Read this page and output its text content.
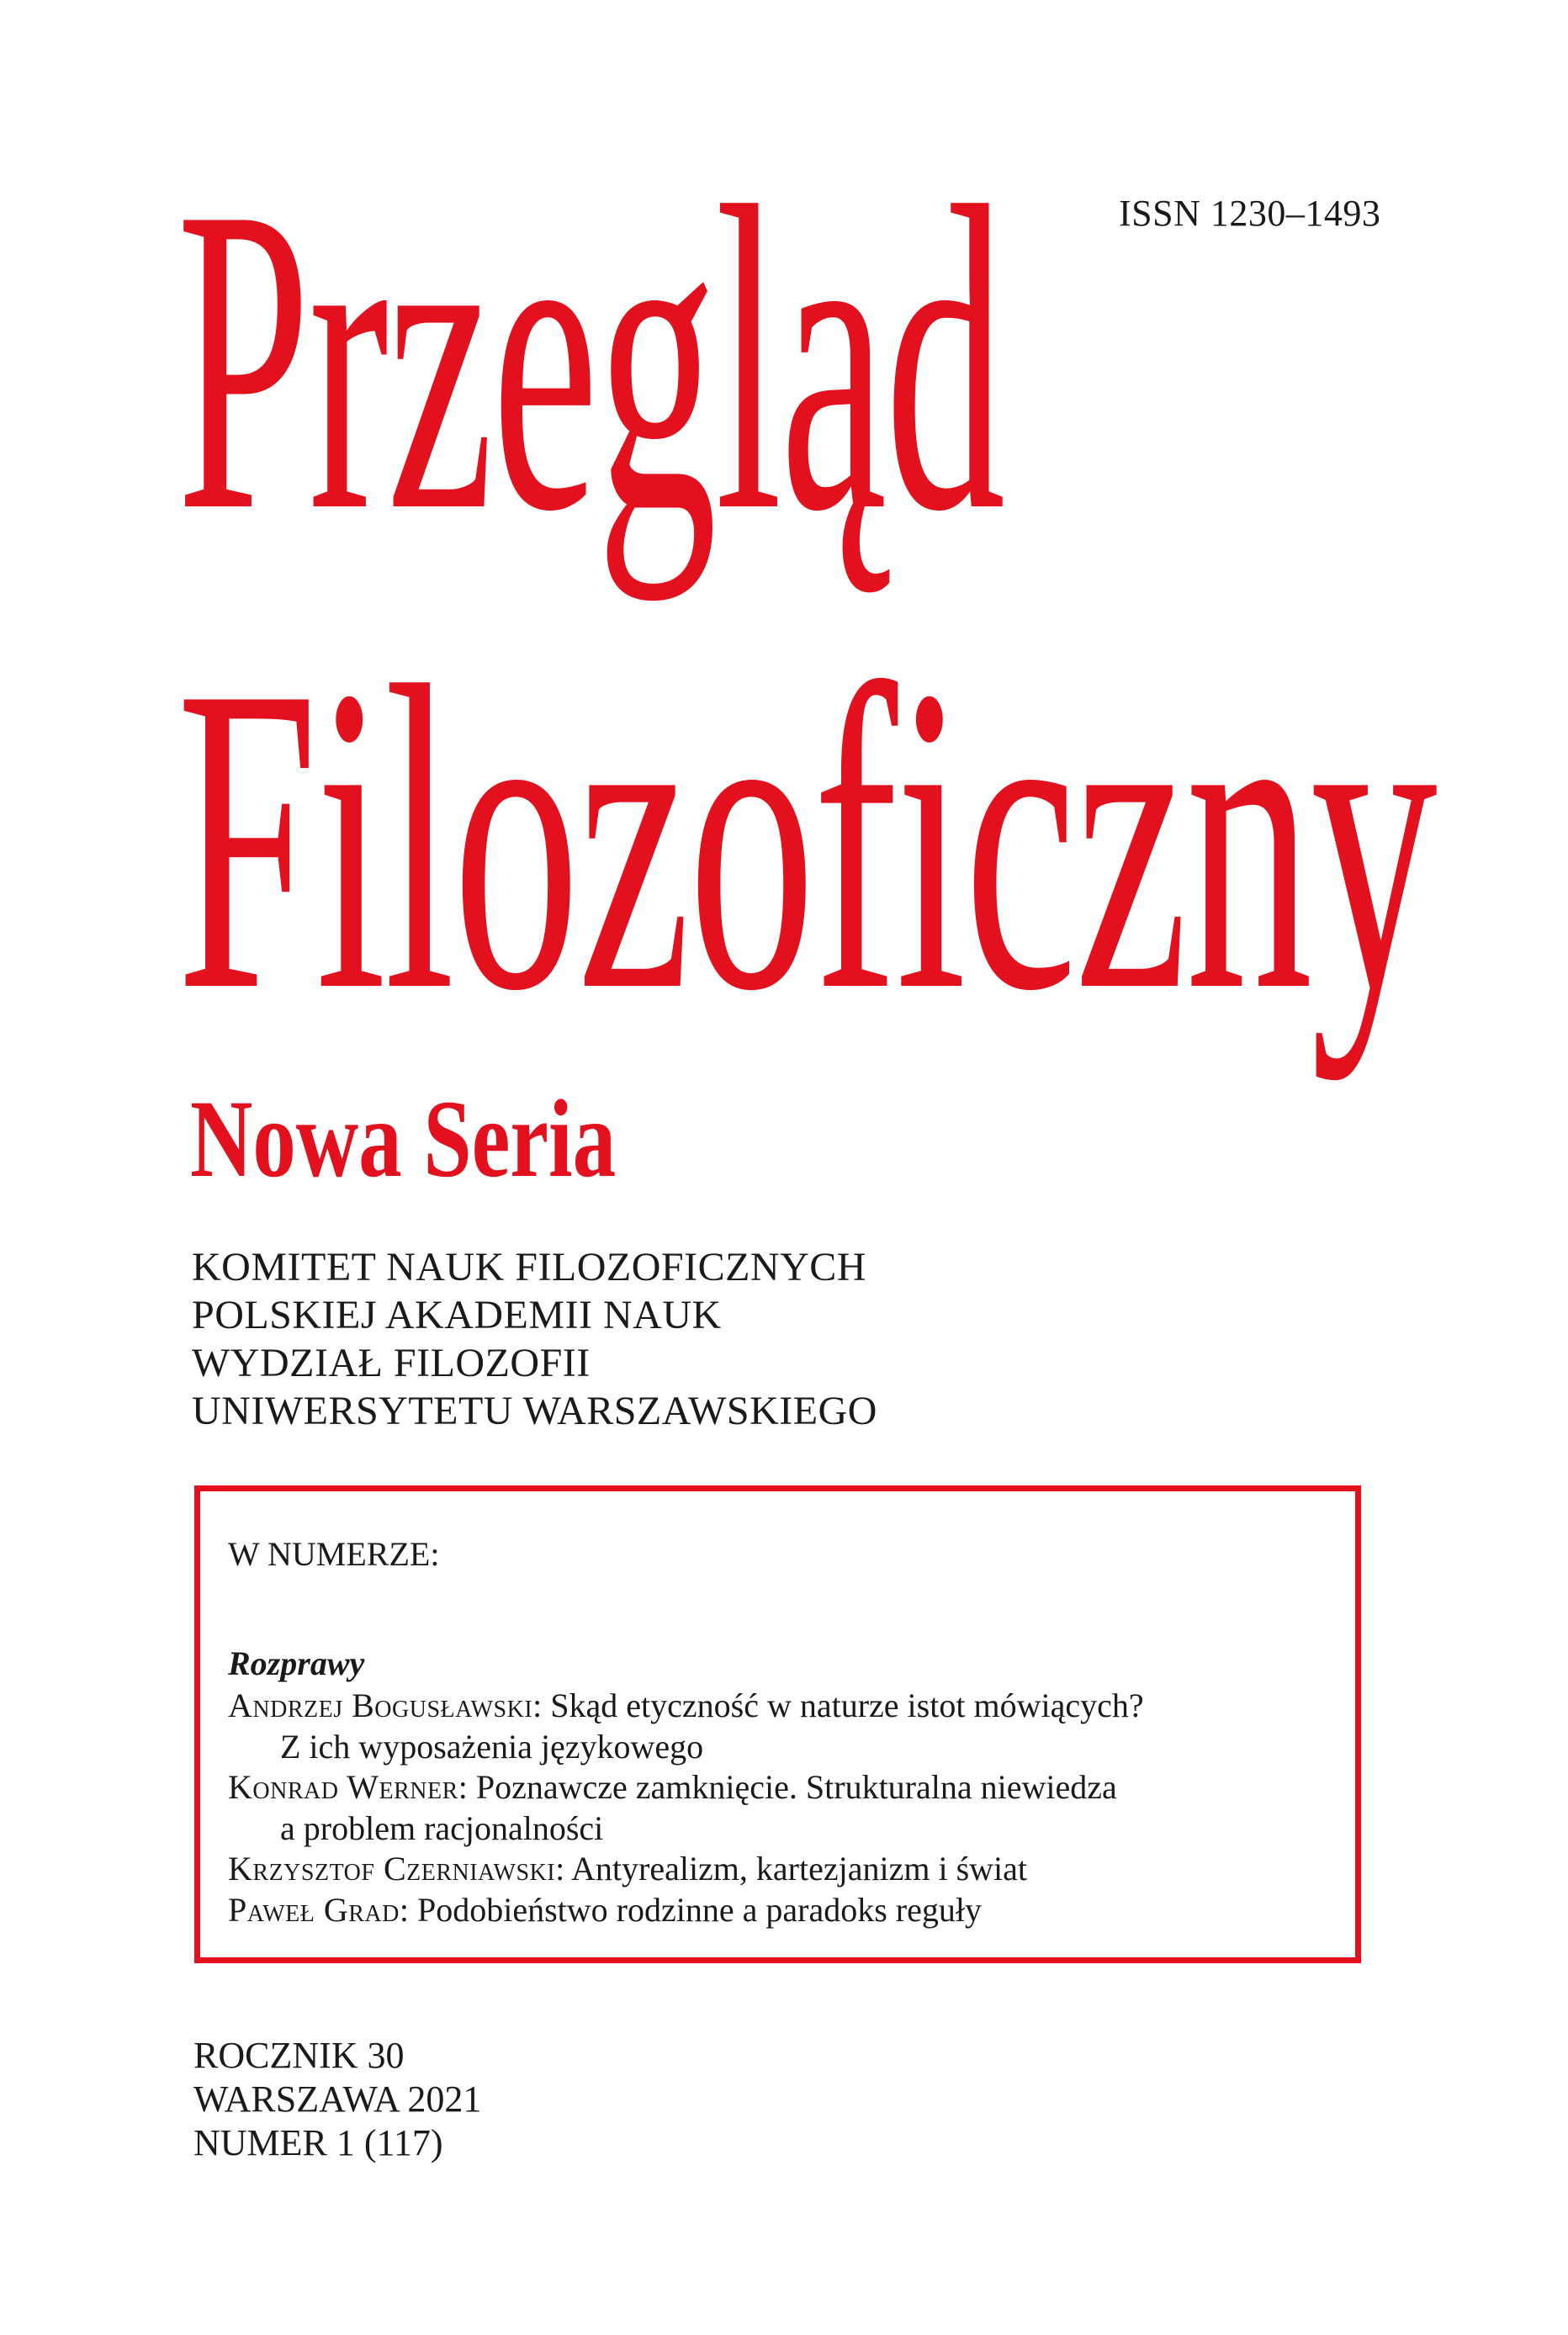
ISSN 1230–1493
Przegląd
Filozoficzny
Nowa Seria
KOMITET NAUK FILOZOFICZNYCH
POLSKIEJ AKADEMII NAUK
WYDZIAŁ FILOZOFII
UNIWERSYTETU WARSZAWSKIEGO
W NUMERZE:
Rozprawy
Andrzej Bogusławski: Skąd etyczność w naturze istot mówiących?
Z ich wyposażenia językowego
Konrad Werner: Poznawcze zamknięcie. Strukturalna niewiedza
a problem racjonalności
Krzysztof Czerniawski: Antyrealizm, kartezjanizm i świat
Paweł Grad: Podobieństwo rodzinne a paradoks reguły
ROCZNIK 30
WARSZAWA 2021
NUMER 1 (117)
